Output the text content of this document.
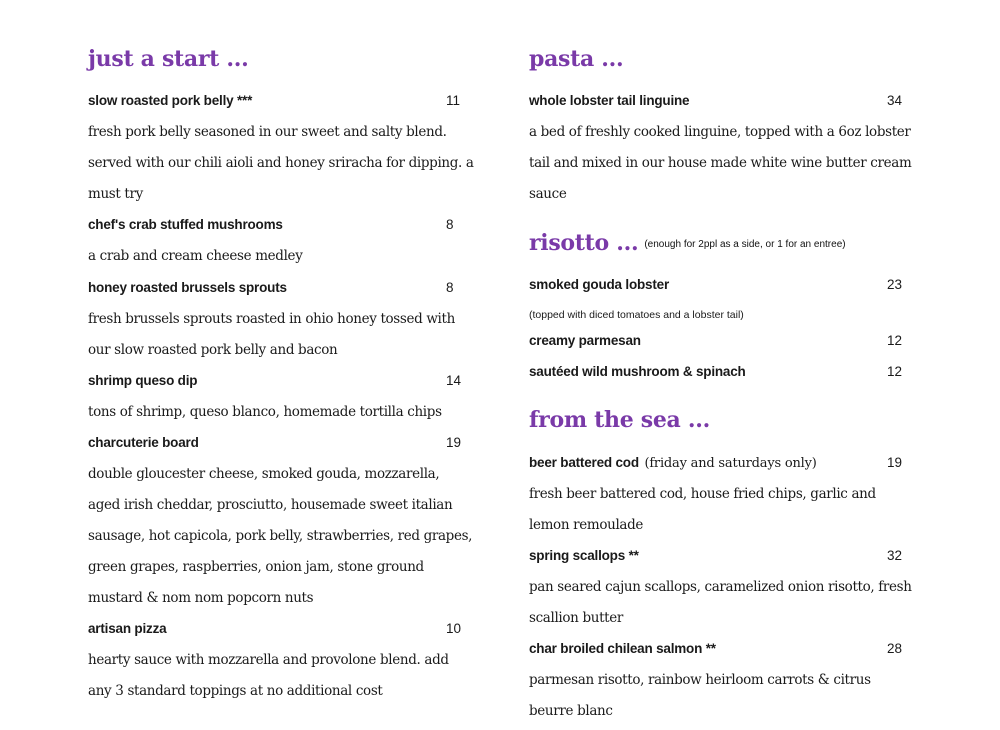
just a start ...
slow roasted pork belly ***	11
fresh pork belly seasoned in our sweet and salty blend.
served with our chili aioli and honey sriracha for dipping. a
must try
chef's crab stuffed mushrooms	8
a crab and cream cheese medley
honey roasted brussels sprouts	8
fresh brussels sprouts roasted in ohio honey tossed with
our slow roasted pork belly and bacon
shrimp queso dip	14
tons of shrimp, queso blanco, homemade tortilla chips
charcuterie board	19
double gloucester cheese, smoked gouda, mozzarella,
aged irish cheddar, prosciutto, housemade sweet italian
sausage, hot capicola, pork belly, strawberries, red grapes,
green grapes, raspberries, onion jam, stone ground
mustard & nom nom popcorn nuts
artisan pizza	10
hearty sauce with mozzarella and provolone blend. add
any 3 standard toppings at no additional cost
pasta ...
whole lobster tail linguine	34
a bed of freshly cooked linguine, topped with a 6oz lobster
tail and mixed in our house made white wine butter cream
sauce
risotto ... (enough for 2ppl as a side, or 1 for an entree)
smoked gouda lobster	23
(topped with diced tomatoes and a lobster tail)
creamy parmesan	12
sautéed wild mushroom & spinach	12
from the sea ...
beer battered cod (friday and saturdays only)	19
fresh beer battered cod, house fried chips, garlic and
lemon remoulade
spring scallops **	32
pan seared cajun scallops, caramelized onion risotto, fresh
scallion butter
char broiled chilean salmon **	28
parmesan risotto, rainbow heirloom carrots & citrus
beurre blanc
